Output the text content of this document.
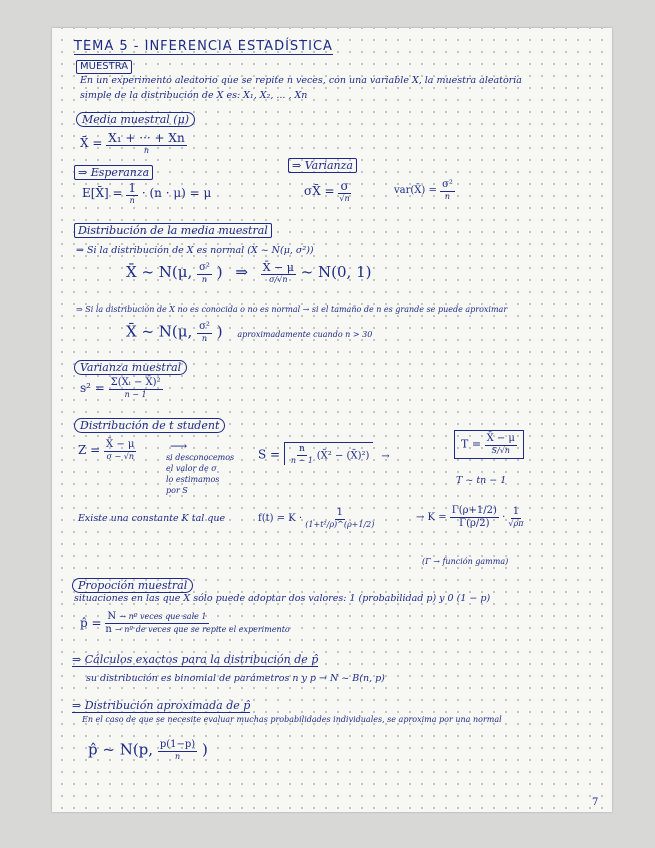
TEMA 5 - INFERENCIA ESTADÍSTICA
MUESTRA
En un experimento aleatorio que se repite n veces, con una variable X, la muestra aleatoria
simple de la distribución de X es: X₁, X₂, ... , Xn
Media muestral (μ)
X̄ = $\frac{\text{X₁ + ··· + Xn}}{n}$
⇒ Esperanza
E[X̄] = $\frac{1}{n} \cdot (n \cdot \mu) = \mu$
⇒ Varianza
σX̄ = $\frac{\sigma}{√n}$	var(X̄) = $\frac{\text{σ²}}{n}$
Distribución de la media muestral
⇒ Si la distribución de X es normal (X ~ N(μ, σ²))
X̄ ~ N(μ, $\frac{\text{σ²}}{n}$ ) ⇒ $\frac{X̄ - \mu}{\sigma/√n}$ ~ N(0, 1)
⇒ Si la distribución de X no es conocida o no es normal → si el tamaño de n es grande se puede aproximar
X̄ ~ N(μ, $\frac{\text{σ²}}{n}$ ) aproximadamente cuando n > 30
Varianza muestral
$s^2 = \frac{\text{Σ(Xᵢ − X̄)²}}{n - 1}$
Distribución de t student
$Z = \frac{X̄ - \mu}{\sigma - √n}$	⟶
si desconocemos
el valor de σ
lo estimamos
por S
$S = \frac{n}{n - 1}$ (X̄² − (X̄)²) →
$T = \frac{X̄ - \mu}{S/√n}$
T ~ tn − 1
Existe una constante K tal que	$f(t) = K \cdot \frac{1}{\text{(1+t²/ρ)\textasciicircum{}(ρ+1/2)}}$	→ $K = \frac{\Gamma(\rho+1/2)}{\Gamma(\rho/2)} \cdot \frac{1}{√\rho\pi}$
(Γ → función gamma)
Propoción muestral
situaciones en las que X sólo puede adoptar dos valores: 1 (probabilidad p) y 0 (1 − p)
p̂ = $\frac{\text{N → nº veces que sale 1}}{\text{n → nº de veces que se repite el experimento}}$
⇒ Cálculos exactos para la distribución de p̂
su distribución es binomial de parámetros n y p → N ~ B(n, p)
⇒ Distribución aproximada de p̂
En el caso de que se necesite evaluar muchas probabilidades individuales, se aproxima por una normal
p̂ ~ N(p, $\frac{p(1-p)}{n}$ )
7
